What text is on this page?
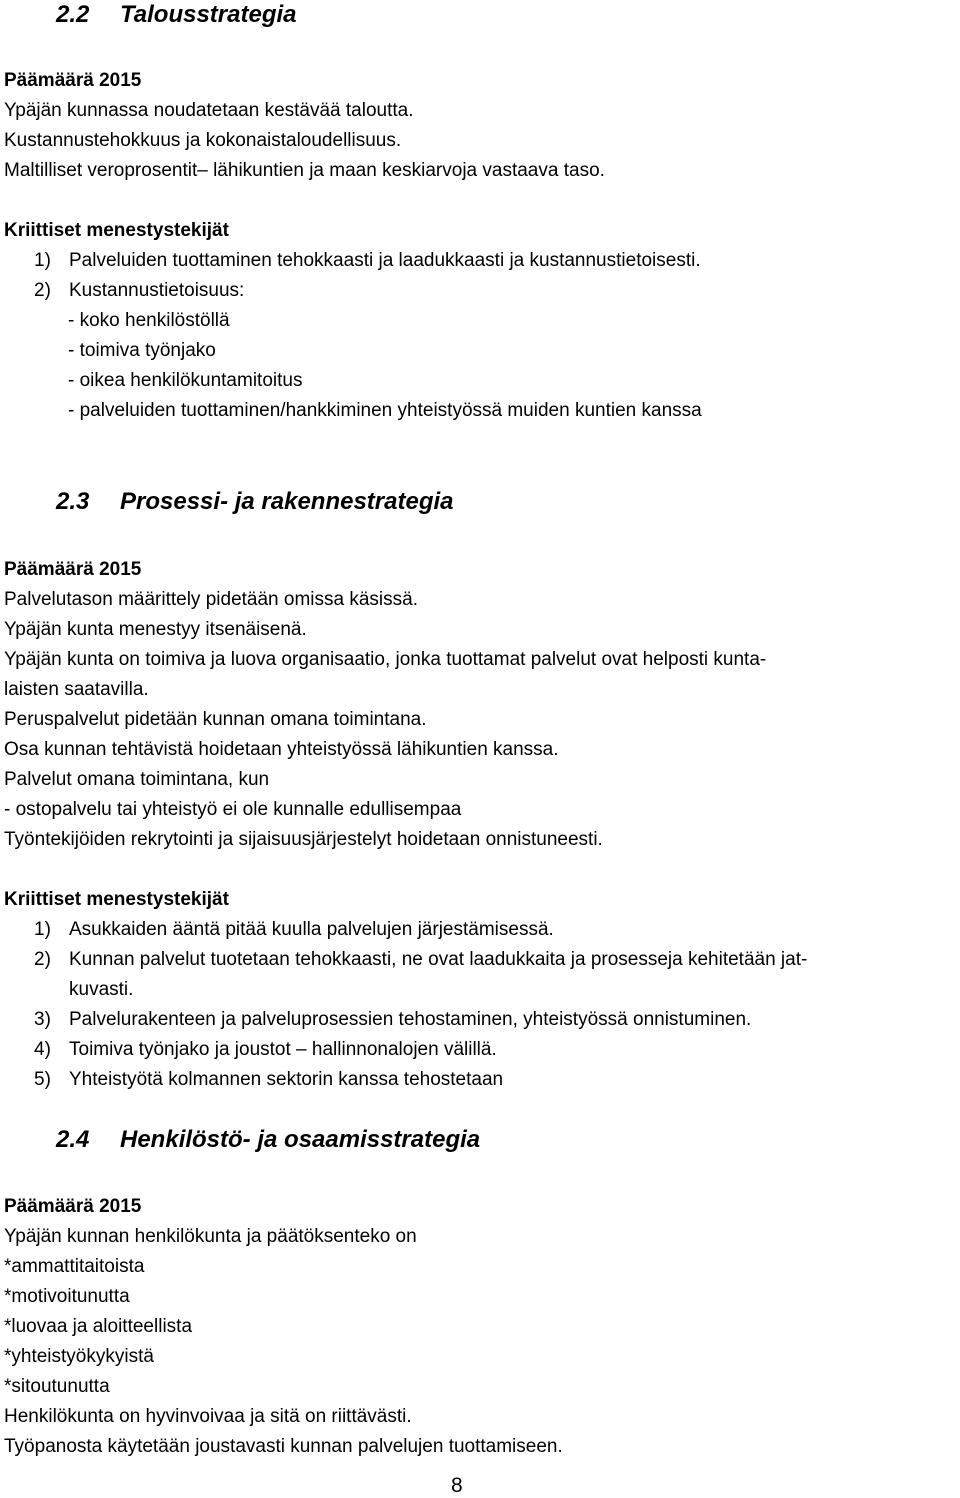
2.2 Talousstrategia
Päämäärä 2015
Ypäjän kunnassa noudatetaan kestävää taloutta.
Kustannustehokkuus ja kokonaistaloudellisuus.
Maltilliset veroprosentit– lähikuntien ja maan keskiarvoja vastaava taso.
Kriittiset menestystekijät
1) Palveluiden tuottaminen tehokkaasti ja laadukkaasti ja kustannustietoisesti.
2) Kustannustietoisuus:
- koko henkilöstöllä
- toimiva työnjako
- oikea henkilökuntamitoitus
- palveluiden tuottaminen/hankkiminen yhteistyössä muiden kuntien kanssa
2.3 Prosessi- ja rakennestrategia
Päämäärä 2015
Palvelutason määrittely pidetään omissa käsissä.
Ypäjän kunta menestyy itsenäisenä.
Ypäjän kunta on toimiva ja luova organisaatio, jonka tuottamat palvelut ovat helposti kunta-
laisten saatavilla.
Peruspalvelut pidetään kunnan omana toimintana.
Osa kunnan tehtävistä hoidetaan yhteistyössä lähikuntien kanssa.
Palvelut omana toimintana, kun
- ostopalvelu tai yhteistyö ei ole kunnalle edullisempaa
Työntekijöiden rekrytointi ja sijaisuusjärjestelyt hoidetaan onnistuneesti.
Kriittiset menestystekijät
1) Asukkaiden ääntä pitää kuulla palvelujen järjestämisessä.
2) Kunnan palvelut tuotetaan tehokkaasti, ne ovat laadukkaita ja prosesseja kehitetään jat-
kuvasti.
3) Palvelurakenteen ja palveluprosessien tehostaminen, yhteistyössä onnistuminen.
4) Toimiva työnjako ja joustot – hallinnonalojen välillä.
5) Yhteistyötä kolmannen sektorin kanssa tehostetaan
2.4 Henkilöstö- ja osaamisstrategia
Päämäärä 2015
Ypäjän kunnan henkilökunta ja päätöksenteko on
*ammattitaitoista
*motivoitunutta
*luovaa ja aloitteellista
*yhteistyökykyistä
*sitoutunutta
Henkilökunta on hyvinvoivaa ja sitä on riittävästi.
Työpanosta käytetään joustavasti kunnan palvelujen tuottamiseen.
8
